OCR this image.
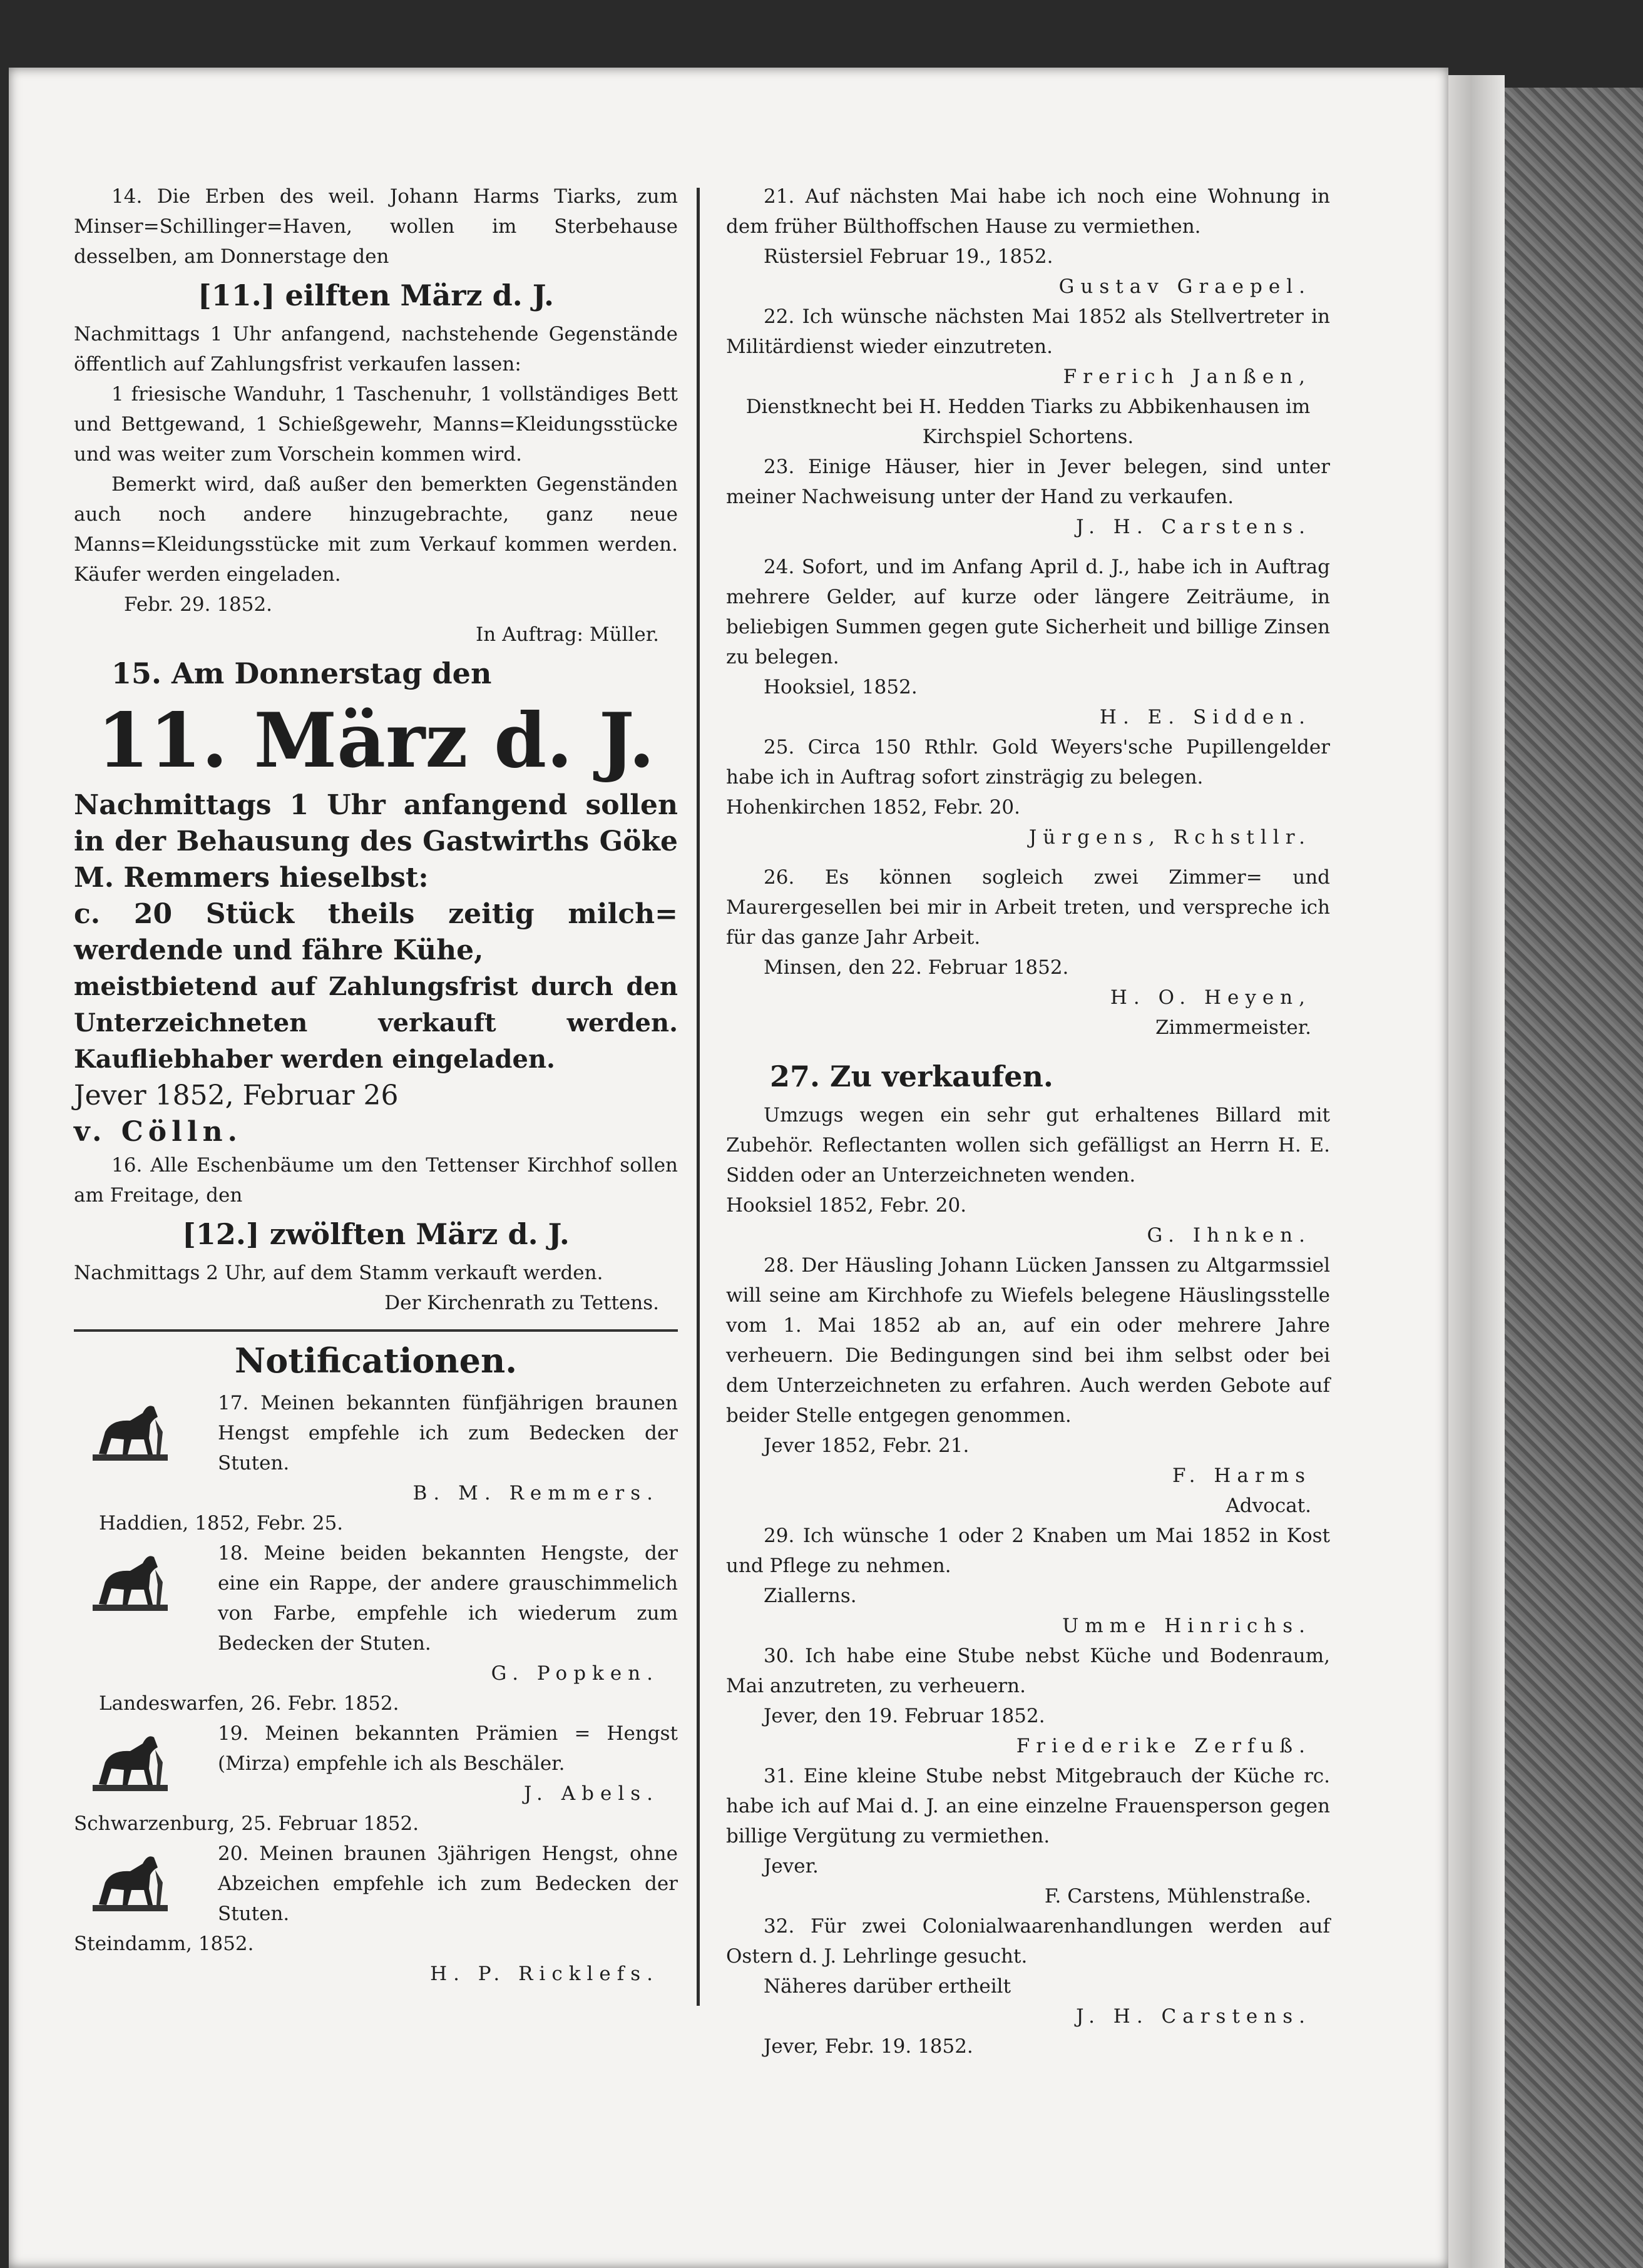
14. Die Erben des weil. Johann Harms Tiarks, zum Minser=Schillinger=Haven, wollen im Sterbehause desselben, am Donnerstage den

[11.] eilften März d. J.

Nachmittags 1 Uhr anfangend, nachstehende Gegenstände öffentlich auf Zahlungsfrist verkaufen lassen:

1 friesische Wanduhr, 1 Taschenuhr, 1 vollständiges Bett und Bettgewand, 1 Schießgewehr, Manns=Kleidungsstücke und was weiter zum Vorschein kommen wird.

Bemerkt wird, daß außer den bemerkten Gegenständen auch noch andere hinzugebrachte, ganz neue Manns=Kleidungsstücke mit zum Verkauf kommen werden. Käufer werden eingeladen.

Febr. 29. 1852.

In Auftrag: Müller.

15. Am Donnerstag den

11. März d. J.

Nachmittags 1 Uhr anfangend sollen in der Behausung des Gastwirths Göke M. Remmers hieselbst:

c. 20 Stück theils zeitig milch= werdende und fähre Kühe,

meistbietend auf Zahlungsfrist durch den Unterzeichneten verkauft werden. Kaufliebhaber werden eingeladen.

Jever 1852, Februar 26

v. Cölln.

16. Alle Eschenbäume um den Tettenser Kirchhof sollen am Freitage, den

[12.] zwölften März d. J.

Nachmittags 2 Uhr, auf dem Stamm verkauft werden.

Der Kirchenrath zu Tettens.

Notificationen.

17. Meinen bekannten fünfjährigen braunen Hengst empfehle ich zum Bedecken der Stuten.

B. M. Remmers.

Haddien, 1852, Febr. 25.

18. Meine beiden bekannten Hengste, der eine ein Rappe, der andere grauschimmelich von Farbe, empfehle ich wiederum zum Bedecken der Stuten.

G. Popken.

Landeswarfen, 26. Febr. 1852.

19. Meinen bekannten Prämien = Hengst (Mirza) empfehle ich als Beschäler.

J. Abels.

Schwarzenburg, 25. Februar 1852.

20. Meinen braunen 3jährigen Hengst, ohne Abzeichen empfehle ich zum Bedecken der Stuten.

Steindamm, 1852.

H. P. Ricklefs.

21. Auf nächsten Mai habe ich noch eine Wohnung in dem früher Bülthoffschen Hause zu vermiethen.

Rüstersiel Februar 19., 1852.

Gustav Graepel.

22. Ich wünsche nächsten Mai 1852 als Stellvertreter in Militärdienst wieder einzutreten.

Frerich Janßen,

Dienstknecht bei H. Hedden Tiarks zu Abbikenhausen im Kirchspiel Schortens.

23. Einige Häuser, hier in Jever belegen, sind unter meiner Nachweisung unter der Hand zu verkaufen.

J. H. Carstens.

24. Sofort, und im Anfang April d. J., habe ich in Auftrag mehrere Gelder, auf kurze oder längere Zeiträume, in beliebigen Summen gegen gute Sicherheit und billige Zinsen zu belegen.

Hooksiel, 1852.

H. E. Sidden.

25. Circa 150 Rthlr. Gold Weyers'sche Pupillengelder habe ich in Auftrag sofort zinsträgig zu belegen.

Hohenkirchen 1852, Febr. 20.

Jürgens, Rchstllr.

26. Es können sogleich zwei Zimmer= und Maurergesellen bei mir in Arbeit treten, und verspreche ich für das ganze Jahr Arbeit.

Minsen, den 22. Februar 1852.

H. O. Heyen,

Zimmermeister.

27. Zu verkaufen.

Umzugs wegen ein sehr gut erhaltenes Billard mit Zubehör. Reflectanten wollen sich gefälligst an Herrn H. E. Sidden oder an Unterzeichneten wenden.

Hooksiel 1852, Febr. 20.

G. Ihnken.

28. Der Häusling Johann Lücken Janssen zu Altgarmssiel will seine am Kirchhofe zu Wiefels belegene Häuslingsstelle vom 1. Mai 1852 ab an, auf ein oder mehrere Jahre verheuern. Die Bedingungen sind bei ihm selbst oder bei dem Unterzeichneten zu erfahren. Auch werden Gebote auf beider Stelle entgegen genommen.

Jever 1852, Febr. 21.

F. Harms

Advocat.

29. Ich wünsche 1 oder 2 Knaben um Mai 1852 in Kost und Pflege zu nehmen.

Ziallerns.

Umme Hinrichs.

30. Ich habe eine Stube nebst Küche und Bodenraum, Mai anzutreten, zu verheuern.

Jever, den 19. Februar 1852.

Friederike Zerfuß.

31. Eine kleine Stube nebst Mitgebrauch der Küche rc. habe ich auf Mai d. J. an eine einzelne Frauensperson gegen billige Vergütung zu vermiethen.

Jever.

F. Carstens, Mühlenstraße.

32. Für zwei Colonialwaarenhandlungen werden auf Ostern d. J. Lehrlinge gesucht.

Näheres darüber ertheilt

J. H. Carstens.

Jever, Febr. 19. 1852.
